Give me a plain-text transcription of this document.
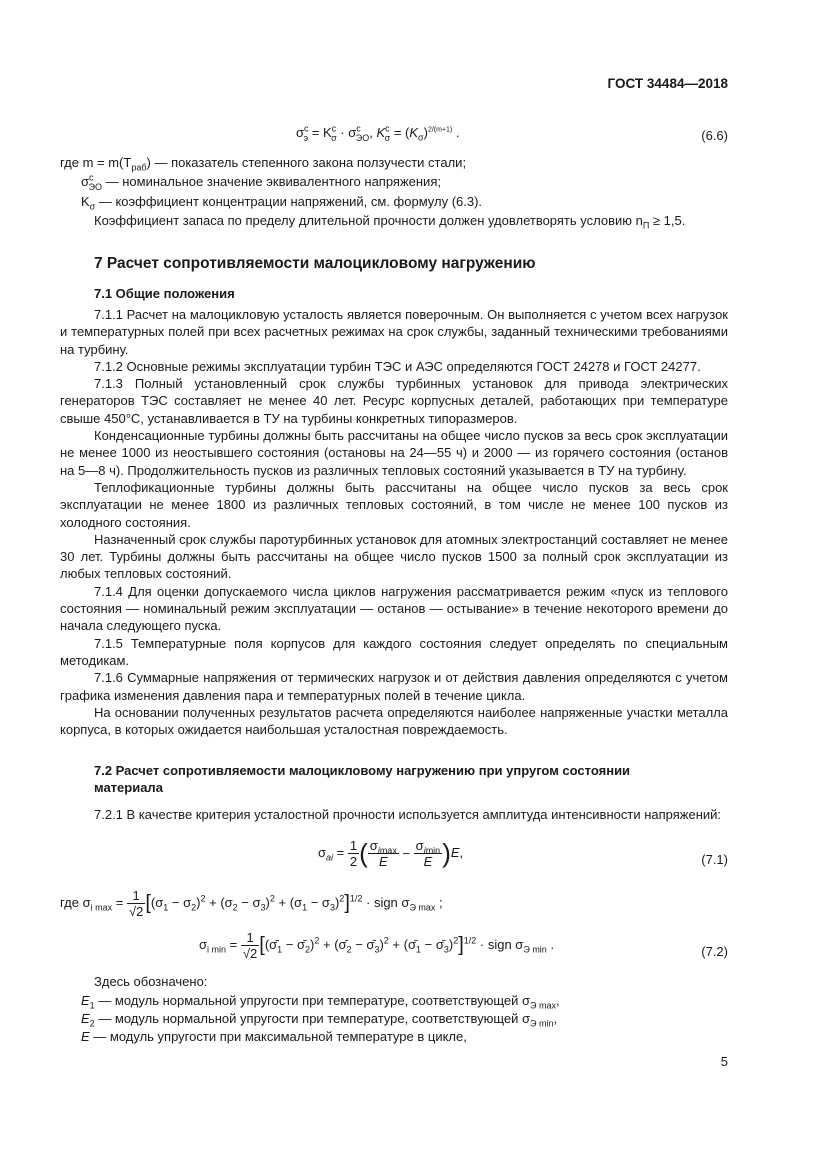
ГОСТ 34484—2018
$\sigma^c_э = K^c_\sigma \cdot \sigma^c_{ЭО}$, $K^c_\sigma = (K_\sigma)^{2/(m+1)}$ .	(6.6)
где $m = m(T_{раб})$ — показатель степенного закона ползучести стали;
$\sigma^c_{ЭО}$ — номинальное значение эквивалентного напряжения;
$K_\sigma$ — коэффициент концентрации напряжений, см. формулу (6.3).
Коэффициент запаса по пределу длительной прочности должен удовлетворять условию $n_П \ge 1,5$.
7 Расчет сопротивляемости малоцикловому нагружению
7.1 Общие положения

7.1.1 Расчет на малоцикловую усталость является поверочным. Он выполняется с учетом всех нагрузок и температурных полей при всех расчетных режимах на срок службы, заданный техническими требованиями на турбину.

7.1.2 Основные режимы эксплуатации турбин ТЭС и АЭС определяются ГОСТ 24278 и ГОСТ 24277.

7.1.3 Полный установленный срок службы турбинных установок для привода электрических генераторов ТЭС составляет не менее 40 лет. Ресурс корпусных деталей, работающих при температуре свыше 450°С, устанавливается в ТУ на турбины конкретных типоразмеров.

Конденсационные турбины должны быть рассчитаны на общее число пусков за весь срок эксплуатации не менее 1000 из неостывшего состояния (остановы на 24—55 ч) и 2000 — из горячего состояния (останов на 5—8 ч). Продолжительность пусков из различных тепловых состояний указывается в ТУ на турбину.

Теплофикационные турбины должны быть рассчитаны на общее число пусков за весь срок эксплуатации не менее 1800 из различных тепловых состояний, в том числе не менее 100 пусков из холодного состояния.

Назначенный срок службы паротурбинных установок для атомных электростанций составляет не менее 30 лет. Турбины должны быть рассчитаны на общее число пусков 1500 за полный срок эксплуатации из любых тепловых состояний.

7.1.4 Для оценки допускаемого числа циклов нагружения рассматривается режим «пуск из теплового состояния — номинальный режим эксплуатации — останов — остывание» в течение некоторого времени до начала следующего пуска.

7.1.5 Температурные поля корпусов для каждого состояния следует определять по специальным методикам.

7.1.6 Суммарные напряжения от термических нагрузок и от действия давления определяются с учетом графика изменения давления пара и температурных полей в течение цикла.

На основании полученных результатов расчета определяются наиболее напряженные участки металла корпуса, в которых ожидается наибольшая усталостная повреждаемость.

7.2 Расчет сопротивляемости малоцикловому нагружению при упругом состоянии
материала

7.2.1 В качестве критерия усталостной прочности используется амплитуда интенсивности напряжений:

$\sigma_{ai} = \frac{1}{2}$ ( $\frac{\sigma_{imax}}{E} - \frac{\sigma_{imin}}{E} )E$,	(7.1)
где $\sigma_{i max} = \frac{1}{√2} [(\sigma_1 - \sigma_2)^2 + (\sigma_2 - \sigma_3)^2 + (\sigma_1 - \sigma_3)^2]^{1/2}$ · sign $\sigma_{Э max}$ ;
$\sigma_{i min} = \frac{1}{√2}$ [($\sigmā_1$ − $\sigmā_2)^2$ + ($\sigmā_2$ − $\sigmā_3)^2$ + ($\sigmā_1$ − $\sigmā_3)^2]^{1/2}$ · sign $\sigma_{Э min}$ .	(7.2)
Здесь обозначено:
$E_1$ — модуль нормальной упругости при температуре, соответствующей $\sigma_{Э max}$,
$E_2$ — модуль нормальной упругости при температуре, соответствующей $\sigma_{Э min}$,
E — модуль упругости при максимальной температуре в цикле,
5
